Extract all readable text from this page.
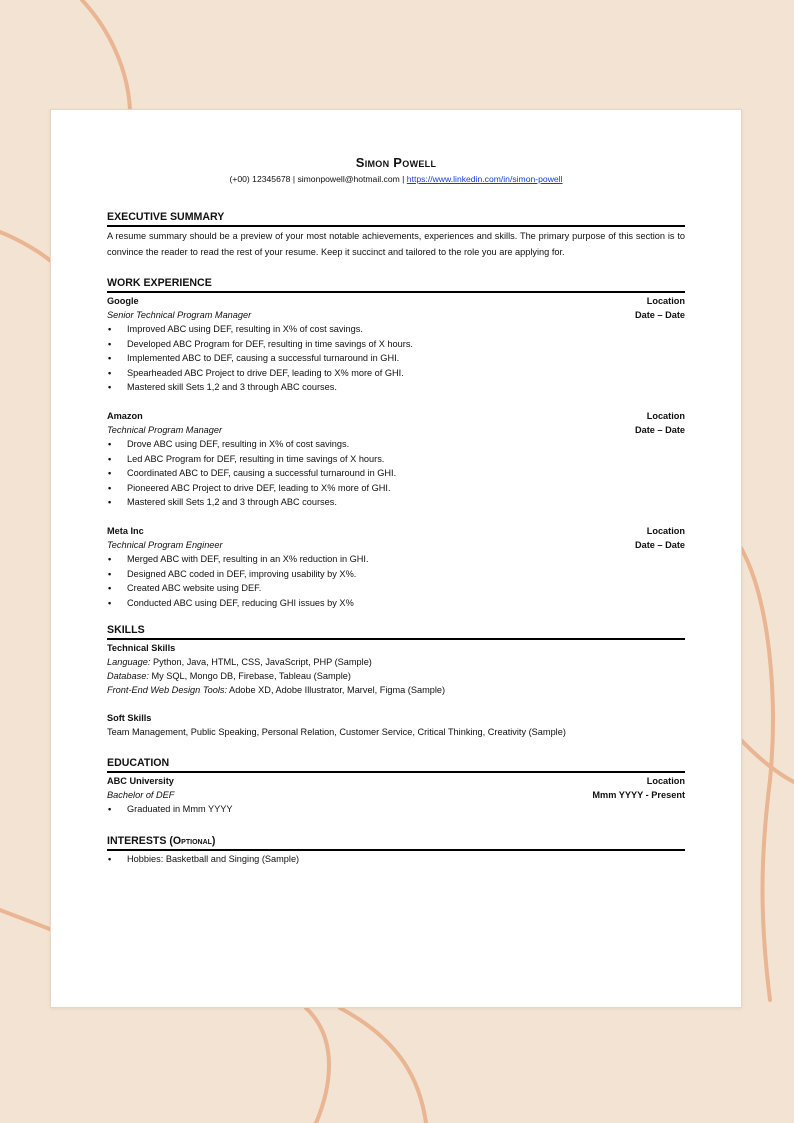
Simon Powell
(+00) 12345678 | simonpowell@hotmail.com | https://www.linkedin.com/in/simon-powell
EXECUTIVE SUMMARY
A resume summary should be a preview of your most notable achievements, experiences and skills. The primary purpose of this section is to convince the reader to read the rest of your resume. Keep it succinct and tailored to the role you are applying for.
WORK EXPERIENCE
Google	Location
Senior Technical Program Manager	Date – Date
• Improved ABC using DEF, resulting in X% of cost savings.
• Developed ABC Program for DEF, resulting in time savings of X hours.
• Implemented ABC to DEF, causing a successful turnaround in GHI.
• Spearheaded ABC Project to drive DEF, leading to X% more of GHI.
• Mastered skill Sets 1,2 and 3 through ABC courses.
Amazon	Location
Technical Program Manager	Date – Date
• Drove ABC using DEF, resulting in X% of cost savings.
• Led ABC Program for DEF, resulting in time savings of X hours.
• Coordinated ABC to DEF, causing a successful turnaround in GHI.
• Pioneered ABC Project to drive DEF, leading to X% more of GHI.
• Mastered skill Sets 1,2 and 3 through ABC courses.
Meta Inc	Location
Technical Program Engineer	Date – Date
• Merged ABC with DEF, resulting in an X% reduction in GHI.
• Designed ABC coded in DEF, improving usability by X%.
• Created ABC website using DEF.
• Conducted ABC using DEF, reducing GHI issues by X%
SKILLS
Technical Skills
Language: Python, Java, HTML, CSS, JavaScript, PHP (Sample)
Database: My SQL, Mongo DB, Firebase, Tableau (Sample)
Front-End Web Design Tools: Adobe XD, Adobe Illustrator, Marvel, Figma (Sample)
Soft Skills
Team Management, Public Speaking, Personal Relation, Customer Service, Critical Thinking, Creativity (Sample)
EDUCATION
ABC University	Location
Bachelor of DEF	Mmm YYYY - Present
• Graduated in Mmm YYYY
INTERESTS (Optional)
• Hobbies: Basketball and Singing (Sample)
